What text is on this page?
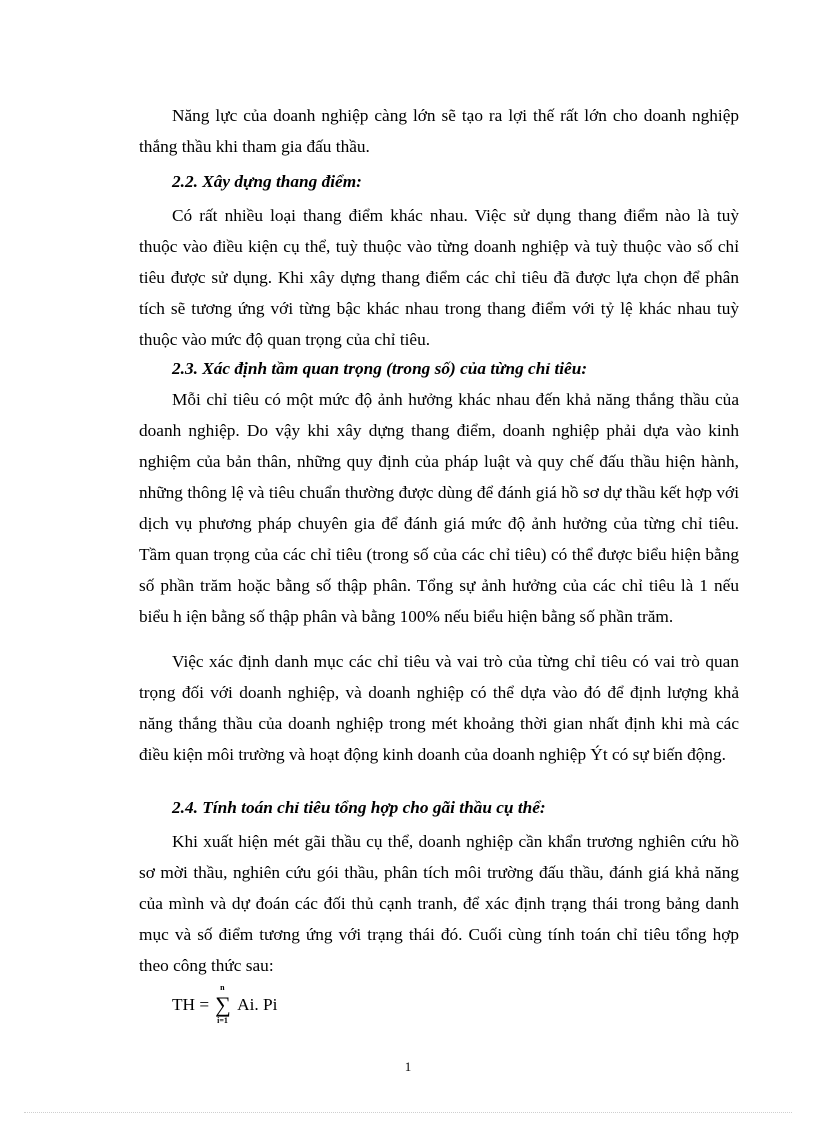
Năng lực của doanh nghiệp càng lớn sẽ tạo ra lợi thế rất lớn cho doanh nghiệp thắng thầu khi tham gia đấu thầu.

2.2. Xây dựng thang điểm:

Có rất nhiều loại thang điểm khác nhau. Việc sử dụng thang điểm nào là tuỳ thuộc vào điều kiện cụ thể, tuỳ thuộc vào từng doanh nghiệp và tuỳ thuộc vào số chỉ tiêu được sử dụng. Khi xây dựng thang điểm các chỉ tiêu đã được lựa chọn để phân tích sẽ tương ứng với từng bậc khác nhau trong thang điểm với tỷ lệ khác nhau tuỳ thuộc vào mức độ quan trọng của chỉ tiêu.

2.3. Xác định tầm quan trọng (trong số) của từng chỉ tiêu:

Mỗi chỉ tiêu có một mức độ ảnh hưởng khác nhau đến khả năng thắng thầu của doanh nghiệp. Do vậy khi xây dựng thang điểm, doanh nghiệp phải dựa vào kinh nghiệm của bản thân, những quy định của pháp luật và quy chế đấu thầu hiện hành, những thông lệ và tiêu chuẩn thường được dùng để đánh giá hồ sơ dự thầu kết hợp với dịch vụ phương pháp chuyên gia để đánh giá mức độ ảnh hưởng của từng chỉ tiêu. Tầm quan trọng của các chỉ tiêu (trong số của các chỉ tiêu) có thể được biểu hiện bằng số phần trăm hoặc bằng số thập phân. Tổng sự ảnh hưởng của các chỉ tiêu là 1 nếu biểu h iện bằng số thập phân và bằng 100% nếu biểu hiện bằng số phần trăm.

Việc xác định danh mục các chỉ tiêu và vai trò của từng chỉ tiêu có vai trò quan trọng đối với doanh nghiệp, và doanh nghiệp có thể dựa vào đó để định lượng khả năng thắng thầu của doanh nghiệp trong mét khoảng thời gian nhất định khi mà các điều kiện môi trường và hoạt động kinh doanh của doanh nghiệp Ýt có sự biến động.

2.4. Tính toán chỉ tiêu tổng hợp cho gãi thầu cụ thể:

Khi xuất hiện mét gãi thầu cụ thể, doanh nghiệp cần khẩn trương nghiên cứu hồ sơ mời thầu, nghiên cứu gói thầu, phân tích môi trường đấu thầu, đánh giá khả năng của mình và dự đoán các đối thủ cạnh tranh, để xác định trạng thái trong bảng danh mục và số điểm tương ứng với trạng thái đó. Cuối cùng tính toán chỉ tiêu tổng hợp theo công thức sau:

TH =
n
∑
i=1
Ai. Pi
1
